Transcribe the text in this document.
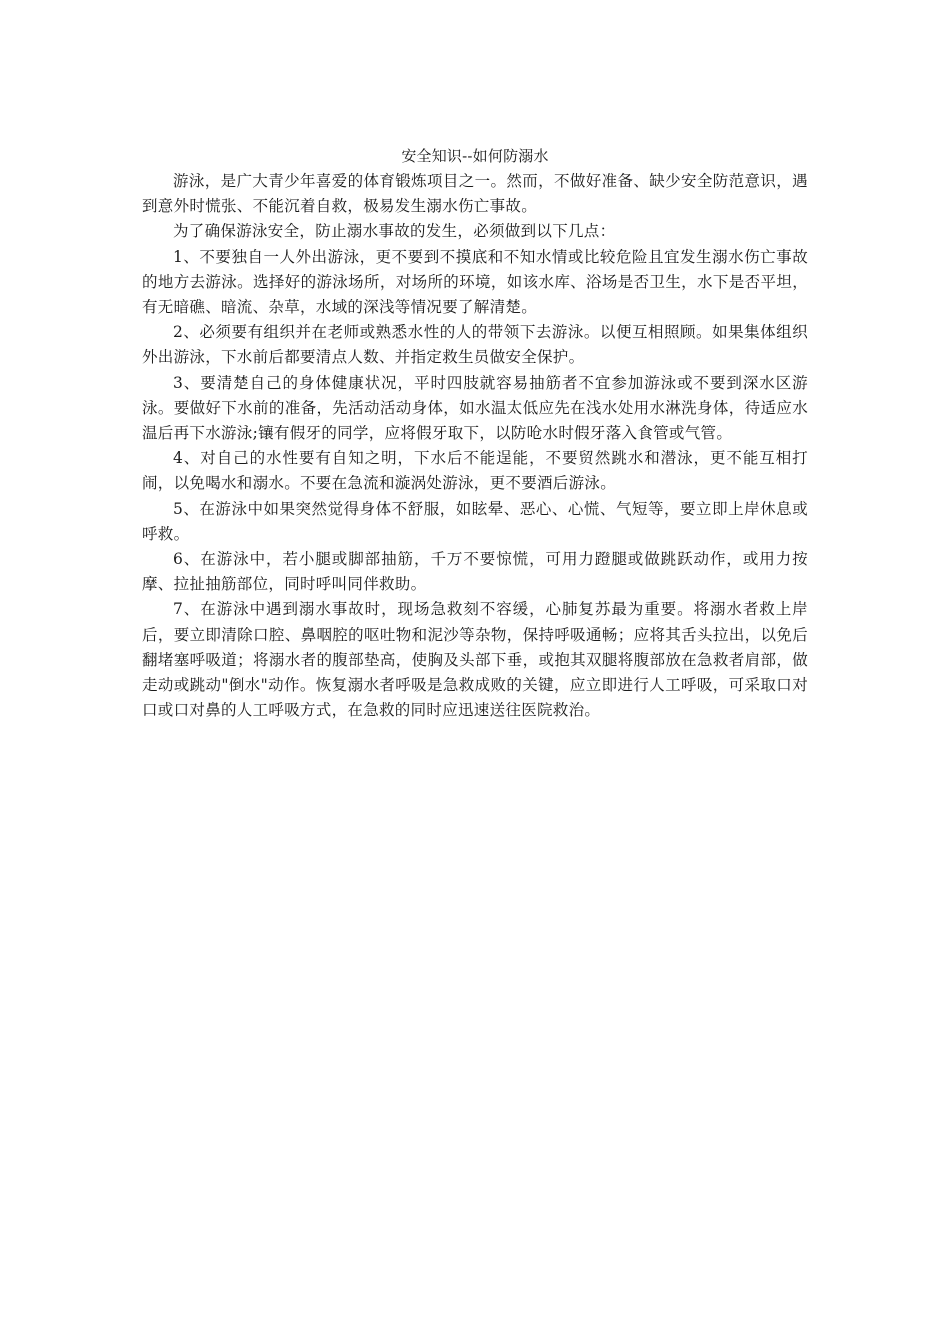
安全知识--如何防溺水

游泳，是广大青少年喜爱的体育锻炼项目之一。然而，不做好准备、缺少安全防范意识，遇到意外时慌张、不能沉着自救，极易发生溺水伤亡事故。

为了确保游泳安全，防止溺水事故的发生，必须做到以下几点：

1、不要独自一人外出游泳，更不要到不摸底和不知水情或比较危险且宜发生溺水伤亡事故的地方去游泳。选择好的游泳场所，对场所的环境，如该水库、浴场是否卫生，水下是否平坦，有无暗礁、暗流、杂草，水域的深浅等情况要了解清楚。

2、必须要有组织并在老师或熟悉水性的人的带领下去游泳。以便互相照顾。如果集体组织外出游泳，下水前后都要清点人数、并指定救生员做安全保护。

3、要清楚自己的身体健康状况，平时四肢就容易抽筋者不宜参加游泳或不要到深水区游泳。要做好下水前的准备，先活动活动身体，如水温太低应先在浅水处用水淋洗身体，待适应水温后再下水游泳;镶有假牙的同学，应将假牙取下，以防呛水时假牙落入食管或气管。

4、对自己的水性要有自知之明，下水后不能逞能，不要贸然跳水和潜泳，更不能互相打闹，以免喝水和溺水。不要在急流和漩涡处游泳，更不要酒后游泳。

5、在游泳中如果突然觉得身体不舒服，如眩晕、恶心、心慌、气短等，要立即上岸休息或呼救。

6、在游泳中，若小腿或脚部抽筋，千万不要惊慌，可用力蹬腿或做跳跃动作，或用力按摩、拉扯抽筋部位，同时呼叫同伴救助。

7、在游泳中遇到溺水事故时，现场急救刻不容缓，心肺复苏最为重要。将溺水者救上岸后，要立即清除口腔、鼻咽腔的呕吐物和泥沙等杂物，保持呼吸通畅；应将其舌头拉出，以免后翻堵塞呼吸道；将溺水者的腹部垫高，使胸及头部下垂，或抱其双腿将腹部放在急救者肩部，做走动或跳动"倒水"动作。恢复溺水者呼吸是急救成败的关键，应立即进行人工呼吸，可采取口对口或口对鼻的人工呼吸方式，在急救的同时应迅速送往医院救治。
